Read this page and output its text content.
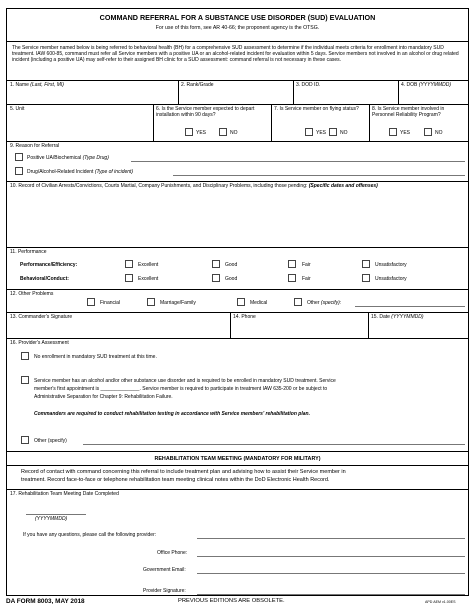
COMMAND REFERRAL FOR A SUBSTANCE USE DISORDER (SUD) EVALUATION
For use of this form, see AR 40-66; the proponent agency is the OTSG.
The Service member named below is being referred to behavioral health (BH) for a comprehensive SUD assessment to determine if the individual meets criteria for enrollment into mandatory SUD treatment. IAW 600-85, command must refer all Service members with a positive UA or an alcohol-related incident for evaluation within 5 days. Service members not involved in an alcohol or drug related incident (including a positive UA) may self-refer to their assigned BH clinic for a SUD assessment: command referral is not necessary in these cases.
1. Name (Last, First, MI)	2. Rank/Grade	3. DOD ID.	4. DOB (YYYYMMDD)
5. Unit	6. Is the Service member expected to depart installation within 90 days?
YES	NO
7. Is Service member on flying status?
YES	NO
8. Is Service member involved in Personnel Reliability Program?
YES	NO
9. Reason for Referral
Positive UA/Biochemical (Type Drug)
Drug/Alcohol-Related Incident (Type of incident)
10. Record of Civilian Arrests/Convictions, Courts Martial, Company Punishments, and Disciplinary Problems, including those pending: (Specific dates and offenses)
11. Performance
Performance/Efficiency:	Excellent	Good	Fair	Unsatisfactory
Behavioral/Conduct:	Excellent	Good	Fair	Unsatisfactory
12. Other Problems
Financial	Marriage/Family	Medical	Other (specify):
13. Commander's Signature	14. Phone	15. Date (YYYYMMDD)
16. Provider's Assessment
No enrollment in mandatory SUD treatment at this time.
Service member has an alcohol and/or other substance use disorder and is required to be enrolled in mandatory SUD treatment. Service
member's first appointment is ______________. Service member is required to participate in treatment IAW 635-200 or be subject to
Administrative Separation for Chapter 9: Rehabilitation Failure.
Commanders are required to conduct rehabilitation testing in accordance with Service members' rehabilitation plan.
Other (specify)
REHABILITATION TEAM MEETING (MANDATORY FOR MILITARY)
Record of contact with command concerning this referral to include treatment plan and advising how to assist their Service member in
treatment. Record face-to-face or telephone rehabilitation team meeting clinical notes within the DoD Electronic Health Record.
17. Rehabilitation Team Meeting Date Completed
(YYYYMMDD)
If you have any questions, please call the following provider:
Office Phone:
Government Email:
Provider Signature:
DA FORM 8003, MAY 2018	PREVIOUS EDITIONS ARE OBSOLETE.	APD AEM v1.00ES
